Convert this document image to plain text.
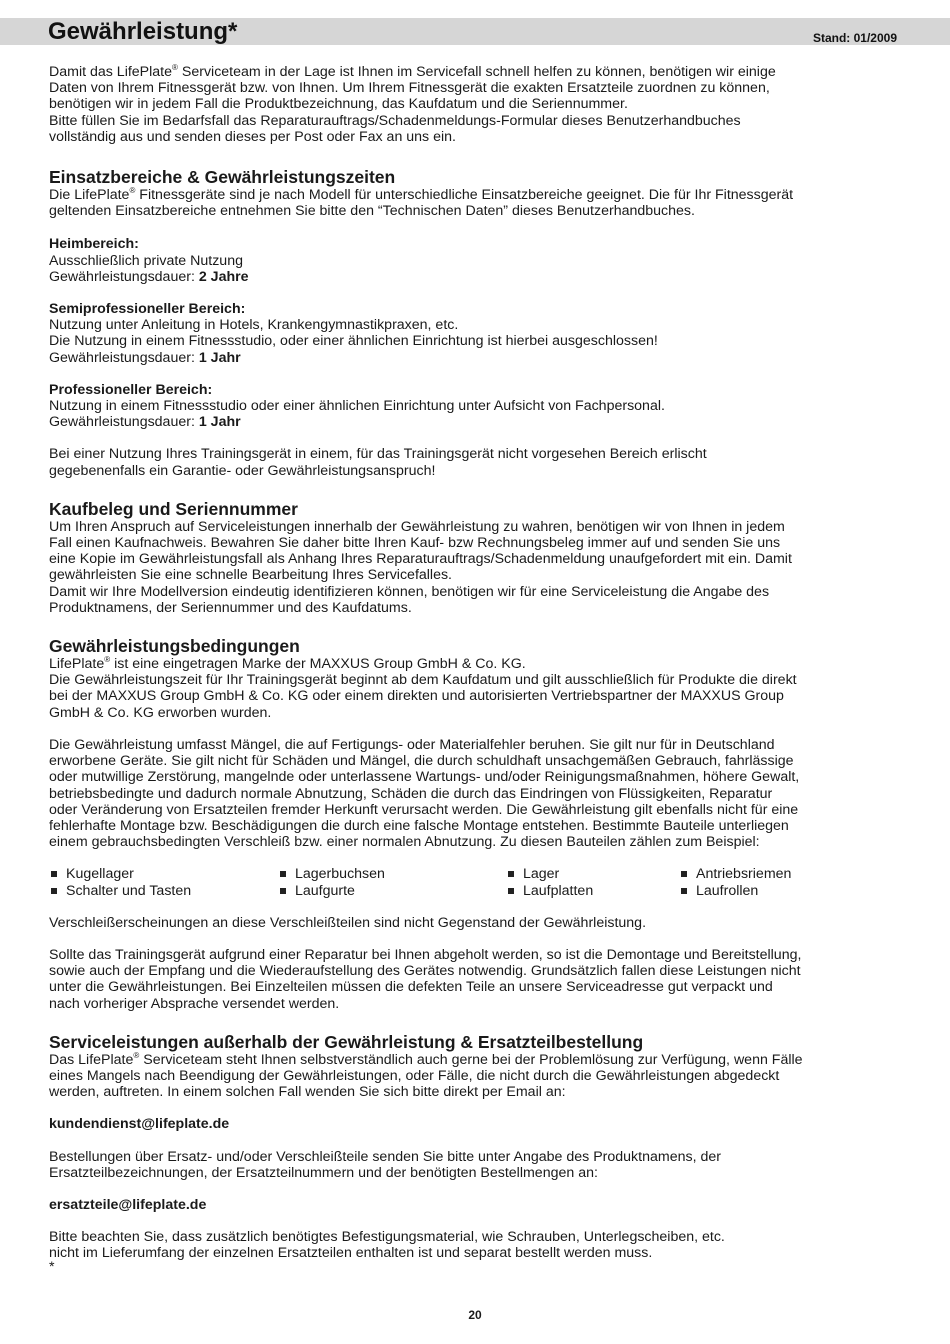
Gewährleistung*	Stand: 01/2009

Damit das LifePlate® Serviceteam in der Lage ist Ihnen im Servicefall schnell helfen zu können, benötigen wir einige

Daten von Ihrem Fitnessgerät bzw. von Ihnen. Um Ihrem Fitnessgerät die exakten Ersatzteile zuordnen zu können,

benötigen wir in jedem Fall die Produktbezeichnung, das Kaufdatum und die Seriennummer.

Bitte füllen Sie im Bedarfsfall das Reparaturauftrags/Schadenmeldungs-Formular dieses Benutzerhandbuches

vollständig aus und senden dieses per Post oder Fax an uns ein.

Einsatzbereiche & Gewährleistungszeiten

Die LifePlate® Fitnessgeräte sind je nach Modell für unterschiedliche Einsatzbereiche geeignet. Die für Ihr Fitnessgerät

geltenden Einsatzbereiche entnehmen Sie bitte den “Technischen Daten” dieses Benutzerhandbuches.

Heimbereich:

Ausschließlich private Nutzung

Gewährleistungsdauer: 2 Jahre

Semiprofessioneller Bereich:

Nutzung unter Anleitung in Hotels, Krankengymnastikpraxen, etc.

Die Nutzung in einem Fitnessstudio, oder einer ähnlichen Einrichtung ist hierbei ausgeschlossen!

Gewährleistungsdauer: 1 Jahr

Professioneller Bereich:

Nutzung in einem Fitnessstudio oder einer ähnlichen Einrichtung unter Aufsicht von Fachpersonal.

Gewährleistungsdauer: 1 Jahr

Bei einer Nutzung Ihres Trainingsgerät in einem, für das Trainingsgerät nicht vorgesehen Bereich erlischt

gegebenenfalls ein Garantie- oder Gewährleistungsanspruch!

Kaufbeleg und Seriennummer

Um Ihren Anspruch auf Serviceleistungen innerhalb der Gewährleistung zu wahren, benötigen wir von Ihnen in jedem

Fall einen Kaufnachweis. Bewahren Sie daher bitte Ihren Kauf- bzw Rechnungsbeleg immer auf und senden Sie uns

eine Kopie im Gewährleistungsfall als Anhang Ihres Reparaturauftrags/Schadenmeldung unaufgefordert mit ein. Damit

gewährleisten Sie eine schnelle Bearbeitung Ihres Servicefalles.

Damit wir Ihre Modellversion eindeutig identifizieren können, benötigen wir für eine Serviceleistung die Angabe des

Produktnamens, der Seriennummer und des Kaufdatums.

Gewährleistungsbedingungen

LifePlate® ist eine eingetragen Marke der MAXXUS Group GmbH & Co. KG.

Die Gewährleistungszeit für Ihr Trainingsgerät beginnt ab dem Kaufdatum und gilt ausschließlich für Produkte die direkt

bei der MAXXUS Group GmbH & Co. KG oder einem direkten und autorisierten Vertriebspartner der MAXXUS Group

GmbH & Co. KG erworben wurden.

Die Gewährleistung umfasst Mängel, die auf Fertigungs- oder Materialfehler beruhen. Sie gilt nur für in Deutschland

erworbene Geräte. Sie gilt nicht für Schäden und Mängel, die durch schuldhaft unsachgemäßen Gebrauch, fahrlässige

oder mutwillige Zerstörung, mangelnde oder unterlassene Wartungs- und/oder Reinigungsmaßnahmen, höhere Gewalt,

betriebsbedingte und dadurch normale Abnutzung, Schäden die durch das Eindringen von Flüssigkeiten, Reparatur

oder Veränderung von Ersatzteilen fremder Herkunft verursacht werden. Die Gewährleistung gilt ebenfalls nicht für eine

fehlerhafte Montage bzw. Beschädigungen die durch eine falsche Montage entstehen. Bestimmte Bauteile unterliegen

einem gebrauchsbedingten Verschleiß bzw. einer normalen Abnutzung. Zu diesen Bauteilen zählen zum Beispiel:

Kugellager	Lagerbuchsen	Lager	Antriebsriemen
Schalter und Tasten	Laufgurte	Laufplatten	Laufrollen

Verschleißerscheinungen an diese Verschleißteilen sind nicht Gegenstand der Gewährleistung.

Sollte das Trainingsgerät aufgrund einer Reparatur bei Ihnen abgeholt werden, so ist die Demontage und Bereitstellung,

sowie auch der Empfang und die Wiederaufstellung des Gerätes notwendig. Grundsätzlich fallen diese Leistungen nicht

unter die Gewährleistungen. Bei Einzelteilen müssen die defekten Teile an unsere Serviceadresse gut verpackt und

nach vorheriger Absprache versendet werden.

Serviceleistungen außerhalb der Gewährleistung & Ersatzteilbestellung

Das LifePlate® Serviceteam steht Ihnen selbstverständlich auch gerne bei der Problemlösung zur Verfügung, wenn Fälle

eines Mangels nach Beendigung der Gewährleistungen, oder Fälle, die nicht durch die Gewährleistungen abgedeckt

werden, auftreten. In einem solchen Fall wenden Sie sich bitte direkt per Email an:

kundendienst@lifeplate.de

Bestellungen über Ersatz- und/oder Verschleißteile senden Sie bitte unter Angabe des Produktnamens, der

Ersatzteilbezeichnungen, der Ersatzteilnummern und der benötigten Bestellmengen an:

ersatzteile@lifeplate.de

Bitte beachten Sie, dass zusätzlich benötigtes Befestigungsmaterial, wie Schrauben, Unterlegscheiben, etc.

nicht im Lieferumfang der einzelnen Ersatzteilen enthalten ist und separat bestellt werden muss.

*

20
